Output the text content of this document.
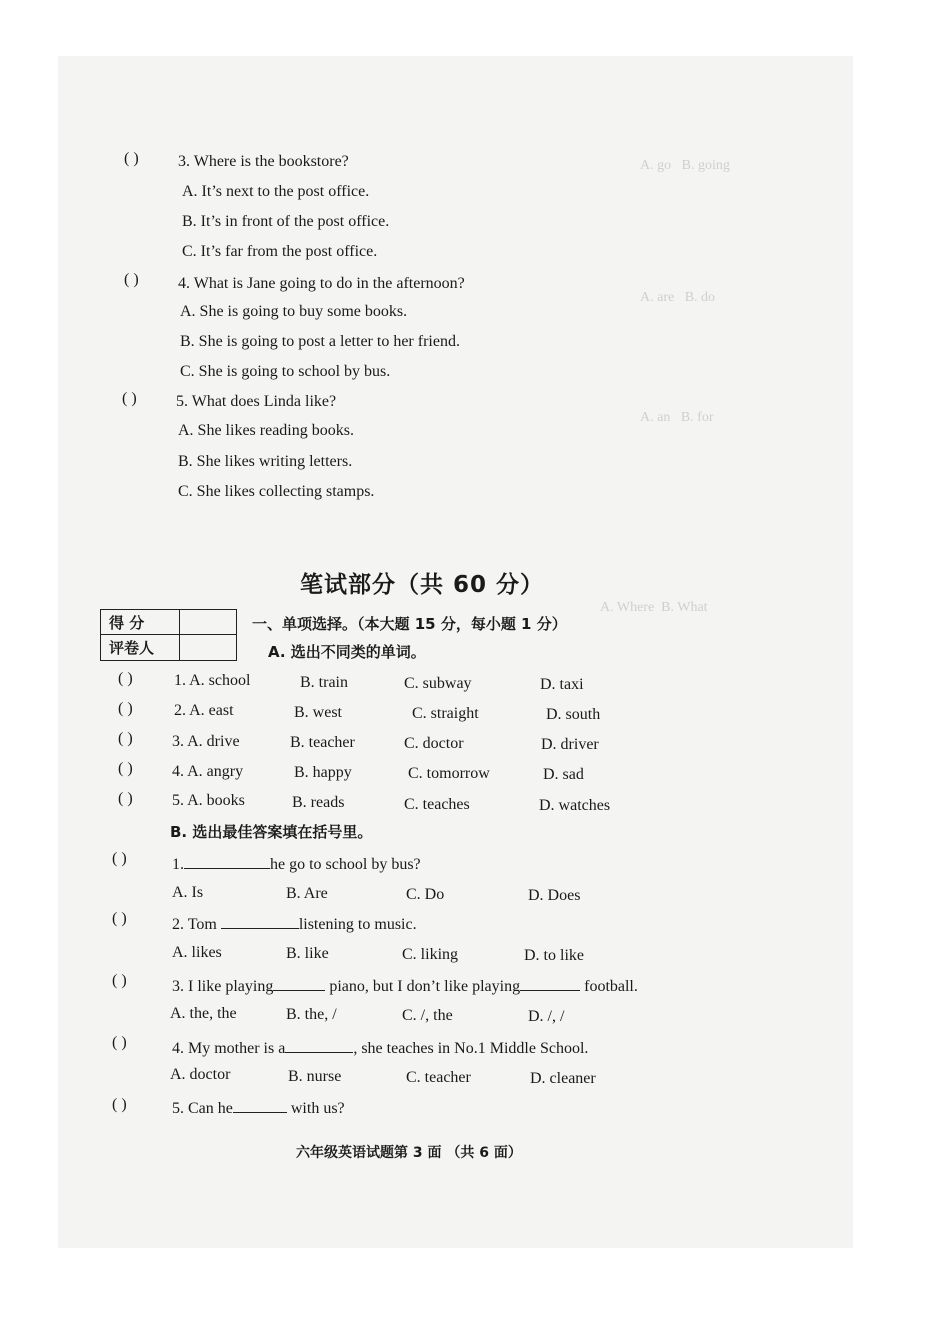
A. go   B. going
A. are   B. do
A. an   B. for
A. Where  B. What
( ) 3. Where is the bookstore?
A. It’s next to the post office.
B. It’s in front of the post office.
C. It’s far from the post office.
( ) 4. What is Jane going to do in the afternoon?
A. She is going to buy some books.
B. She is going to post a letter to her friend.
C. She is going to school by bus.
( ) 5. What does Linda like?
A. She likes reading books.
B. She likes writing letters.
C. She likes collecting stamps.
笔试部分（共 60 分）
得 分
评卷人
一、单项选择。（本大题 15 分，每小题 1 分）
A. 选出不同类的单词。
( )	1. A. school	B. train	C. subway	D. taxi
( )	2. A. east	B. west	C. straight	D. south
( ) 3. A. drive	B. teacher	C. doctor	D. driver
( ) 4. A. angry	B. happy	C. tomorrow	D. sad
( ) 5. A. books	B. reads	C. teaches	D. watches
B. 选出最佳答案填在括号里。
( )	1.	he go to school by bus?
A. Is	B. Are	C. Do	D. Does
( )	2. Tom	listening to music.
A. likes	B. like	C. liking	D. to like
( )	3. I like playing	piano, but I don’t like playing	football.
A. the, the	B. the, /	C. /, the	D. /, /
( )	4. My mother is a	, she teaches in No.1 Middle School.
A. doctor	B. nurse	C. teacher	D. cleaner
( )	5. Can he	with us?
六年级英语试题第 3 面 （共 6 面）
